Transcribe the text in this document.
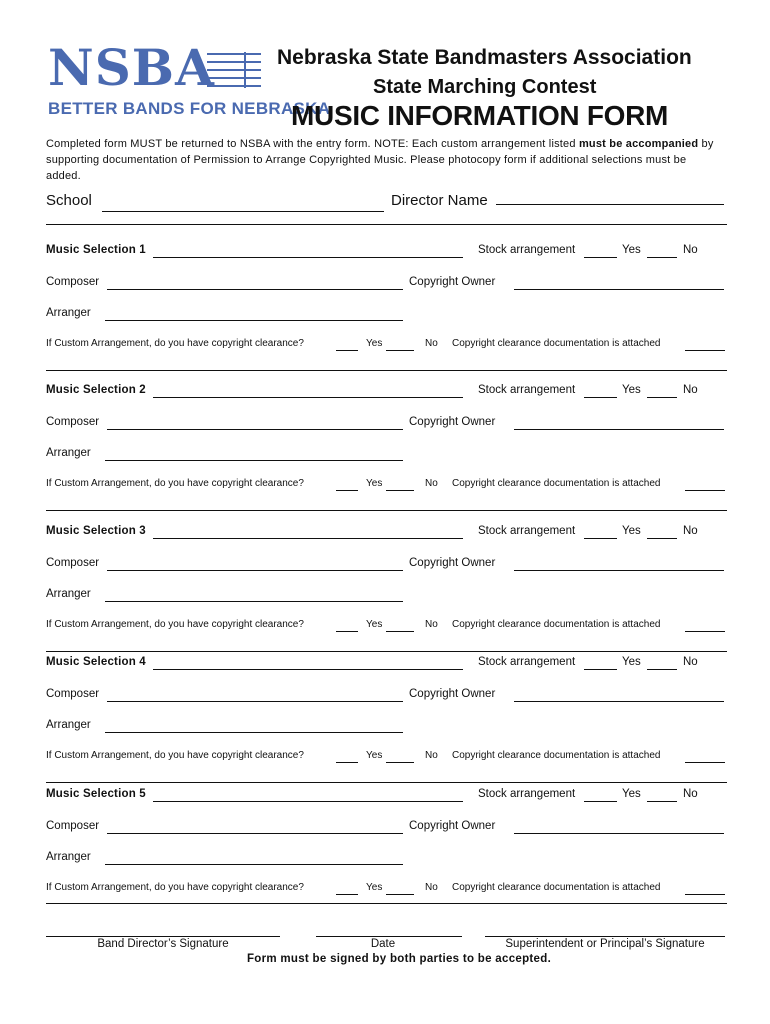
NSBA
BETTER BANDS FOR NEBRASKA
Nebraska State Bandmasters Association
State Marching Contest
MUSIC INFORMATION FORM
Completed form MUST be returned to NSBA with the entry form. NOTE: Each custom arrangement listed must be accompanied by supporting documentation of Permission to Arrange Copyrighted Music. Please photocopy form if additional selections must be added.
School	Director Name
Music Selection 1	Stock arrangement	Yes	No
Composer	Copyright Owner
Arranger
If Custom Arrangement, do you have copyright clearance?	Yes	No Copyright clearance documentation is attached
Music Selection 2	Stock arrangement	Yes	No
Composer	Copyright Owner
Arranger
If Custom Arrangement, do you have copyright clearance?	Yes	No Copyright clearance documentation is attached
Music Selection 3	Stock arrangement	Yes	No
Composer	Copyright Owner
Arranger
If Custom Arrangement, do you have copyright clearance?	Yes	No Copyright clearance documentation is attached
Music Selection 4	Stock arrangement	Yes	No
Composer	Copyright Owner
Arranger
If Custom Arrangement, do you have copyright clearance?	Yes	No Copyright clearance documentation is attached
Music Selection 5	Stock arrangement	Yes	No
Composer	Copyright Owner
Arranger
If Custom Arrangement, do you have copyright clearance?	Yes	No Copyright clearance documentation is attached
Band Director’s Signature	Date	Superintendent or Principal’s Signature
Form must be signed by both parties to be accepted.
